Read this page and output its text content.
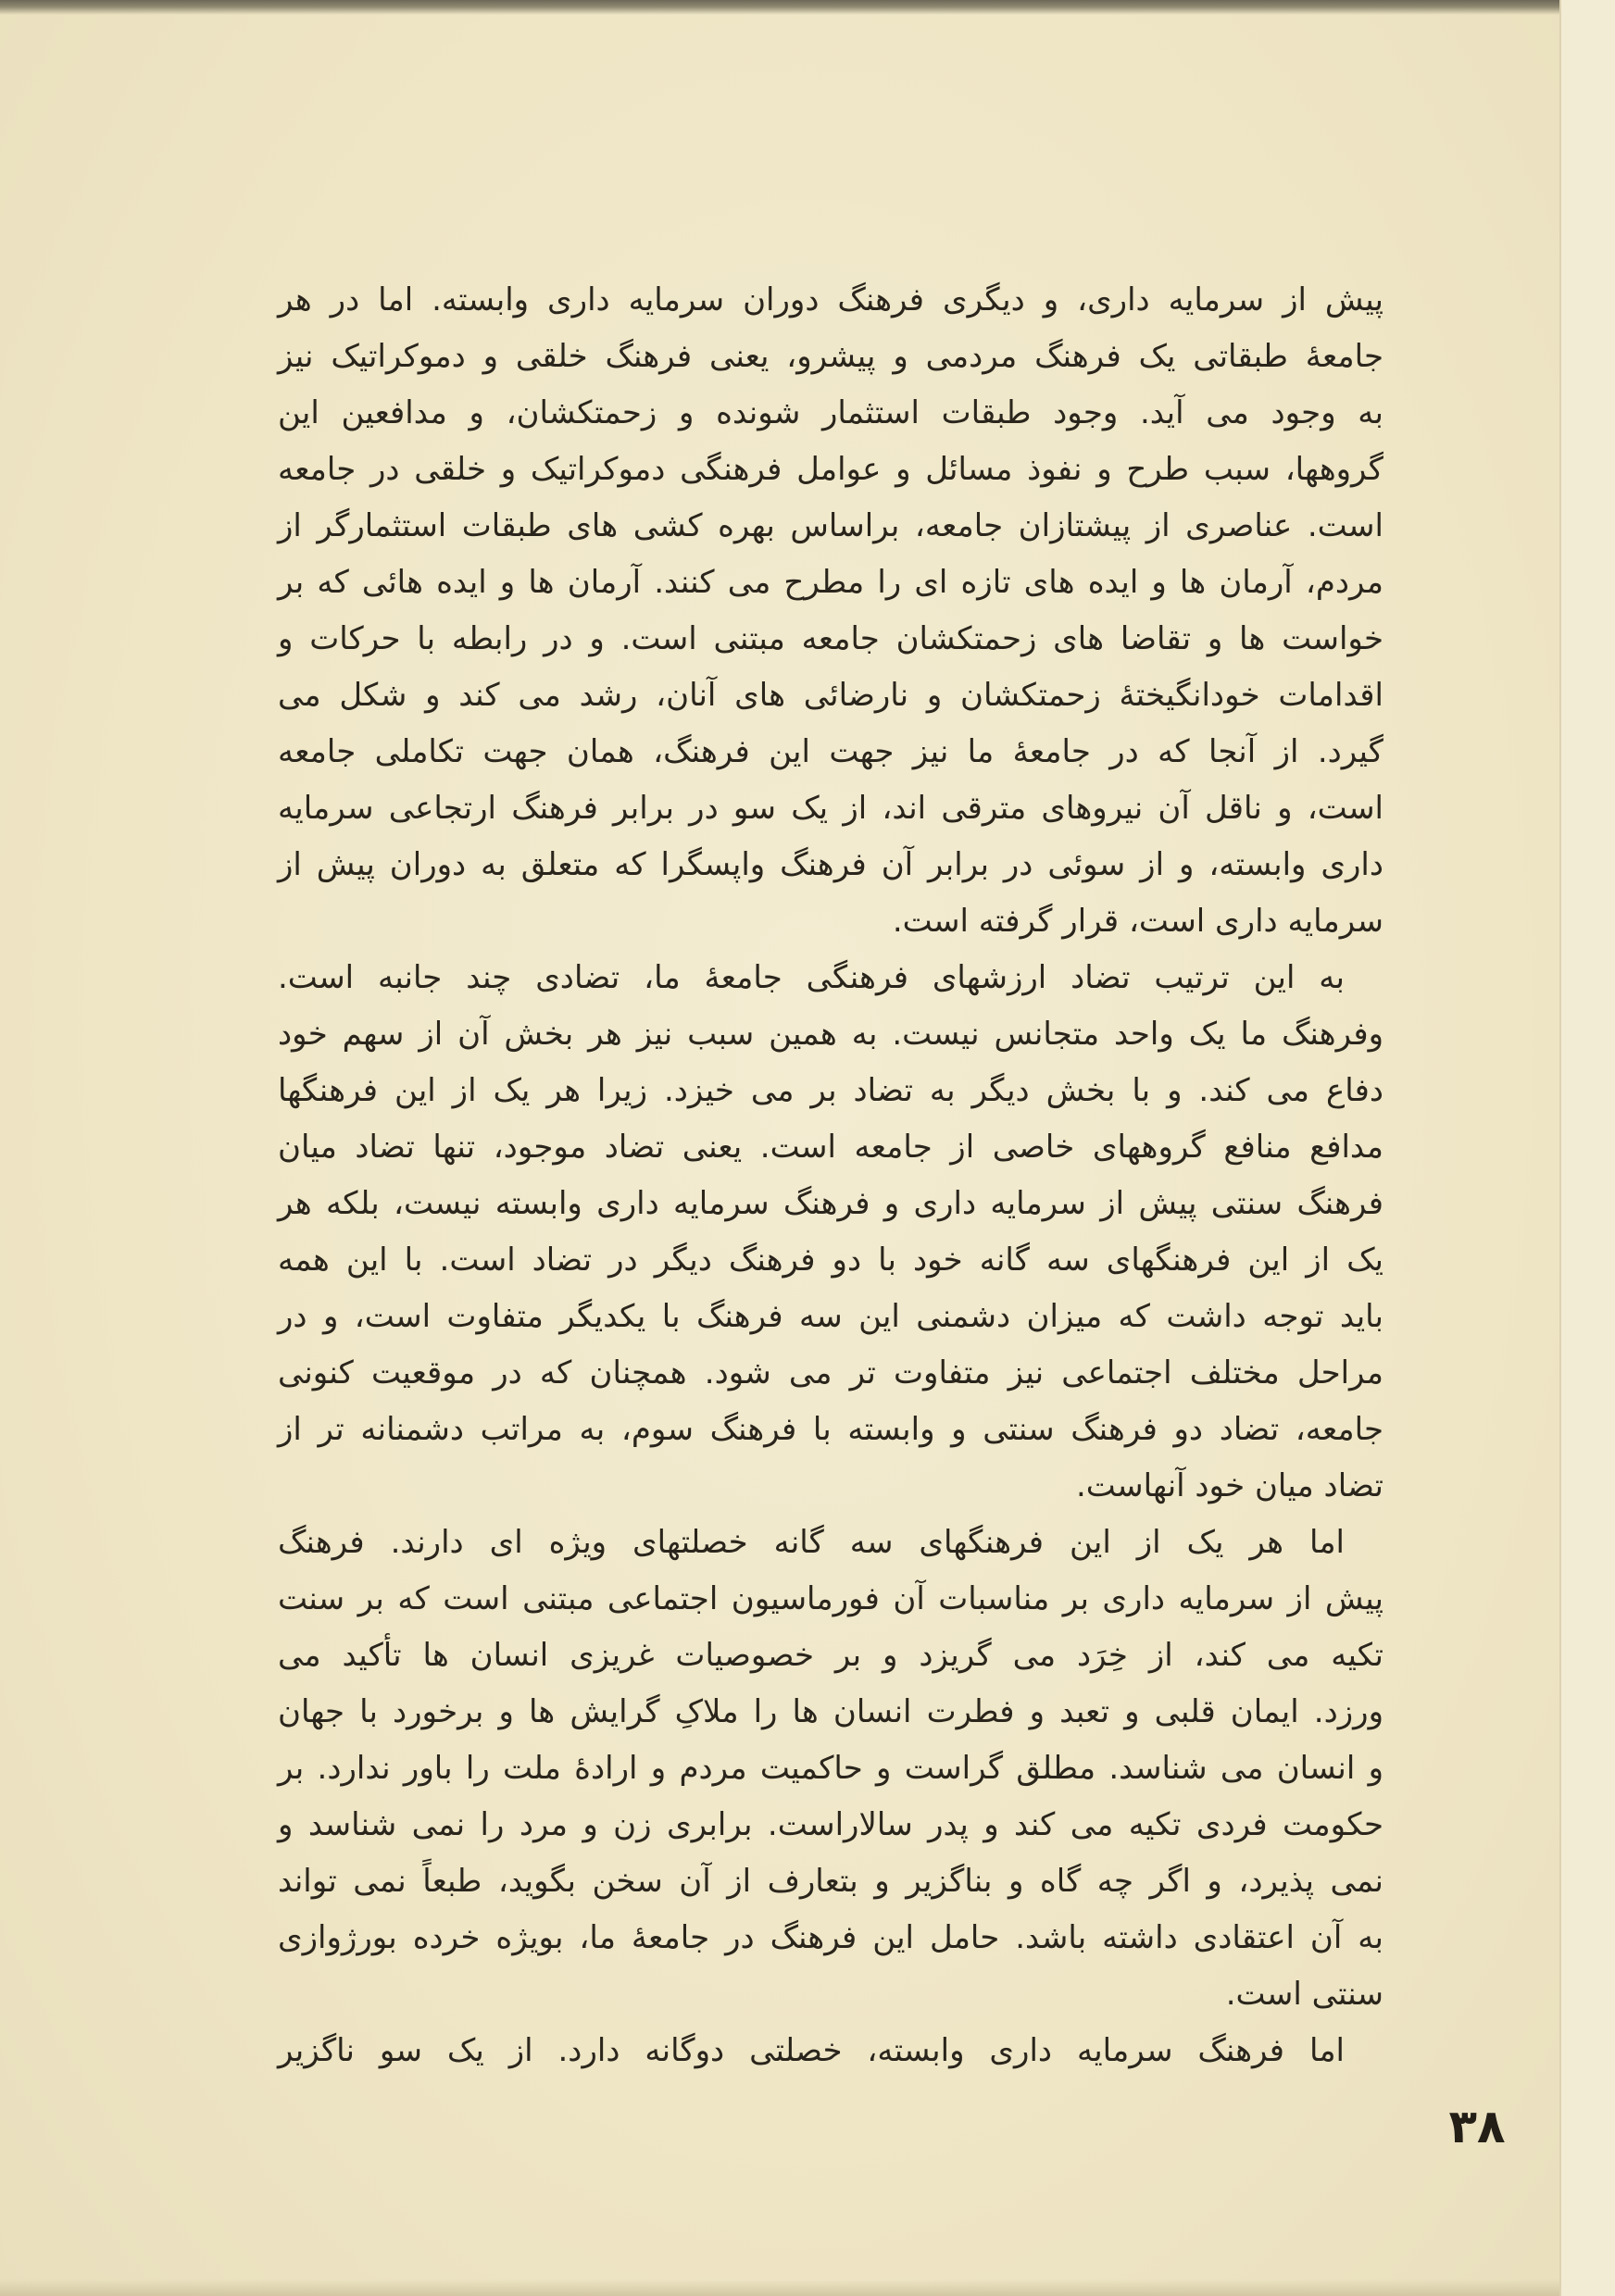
پیش از سرمایه داری، و دیگری فرهنگ دوران سرمایه داری وابسته. اما در هر
جامعهٔ طبقاتی یک فرهنگ مردمی و پیشرو، یعنی فرهنگ خلقی و دموکراتیک نیز
به وجود می آید. وجود طبقات استثمار شونده و زحمتکشان، و مدافعین این
گروهها، سبب طرح و نفوذ مسائل و عوامل فرهنگی دموکراتیک و خلقی در جامعه
است. عناصری از پیشتازان جامعه، براساس بهره کشی های طبقات استثمارگر از
مردم، آرمان ها و ایده های تازه ای را مطرح می کنند. آرمان ها و ایده هائی که بر
خواست ها و تقاضا های زحمتکشان جامعه مبتنی است. و در رابطه با حرکات و
اقدامات خودانگیختهٔ زحمتکشان و نارضائی های آنان، رشد می کند و شکل می
گیرد. از آنجا که در جامعهٔ ما نیز جهت این فرهنگ، همان جهت تکاملی جامعه
است، و ناقل آن نیروهای مترقی اند، از یک سو در برابر فرهنگ ارتجاعی سرمایه
داری وابسته، و از سوئی در برابر آن فرهنگ واپسگرا که متعلق به دوران پیش از
سرمایه داری است، قرار گرفته است.
به این ترتیب تضاد ارزشهای فرهنگی جامعهٔ ما، تضادی چند جانبه است.
وفرهنگ ما یک واحد متجانس نیست. به همین سبب نیز هر بخش آن از سهم خود
دفاع می کند. و با بخش دیگر به تضاد بر می خیزد. زیرا هر یک از این فرهنگها
مدافع منافع گروههای خاصی از جامعه است. یعنی تضاد موجود، تنها تضاد میان
فرهنگ سنتی پیش از سرمایه داری و فرهنگ سرمایه داری وابسته نیست، بلکه هر
یک از این فرهنگهای سه گانه خود با دو فرهنگ دیگر در تضاد است. با این همه
باید توجه داشت که میزان دشمنی این سه فرهنگ با یکدیگر متفاوت است، و در
مراحل مختلف اجتماعی نیز متفاوت تر می شود. همچنان که در موقعیت کنونی
جامعه، تضاد دو فرهنگ سنتی و وابسته با فرهنگ سوم، به مراتب دشمنانه تر از
تضاد میان خود آنهاست.
اما هر یک از این فرهنگهای سه گانه خصلتهای ویژه ای دارند. فرهنگ
پیش از سرمایه داری بر مناسبات آن فورماسیون اجتماعی مبتنی است که بر سنت
تکیه می کند، از خِرَد می گریزد و بر خصوصیات غریزی انسان ها تأکید می
ورزد. ایمان قلبی و تعبد و فطرت انسان ها را ملاکِ گرایش ها و برخورد با جهان
و انسان می شناسد. مطلق گراست و حاکمیت مردم و ارادهٔ ملت را باور ندارد. بر
حکومت فردی تکیه می کند و پدر سالاراست. برابری زن و مرد را نمی شناسد و
نمی پذیرد، و اگر چه گاه و بناگزیر و بتعارف از آن سخن بگوید، طبعاً نمی تواند
به آن اعتقادی داشته باشد. حامل این فرهنگ در جامعهٔ ما، بویژه خرده بورژوازی
سنتی است.
اما فرهنگ سرمایه داری وابسته، خصلتی دوگانه دارد. از یک سو ناگزیر
۳۸
